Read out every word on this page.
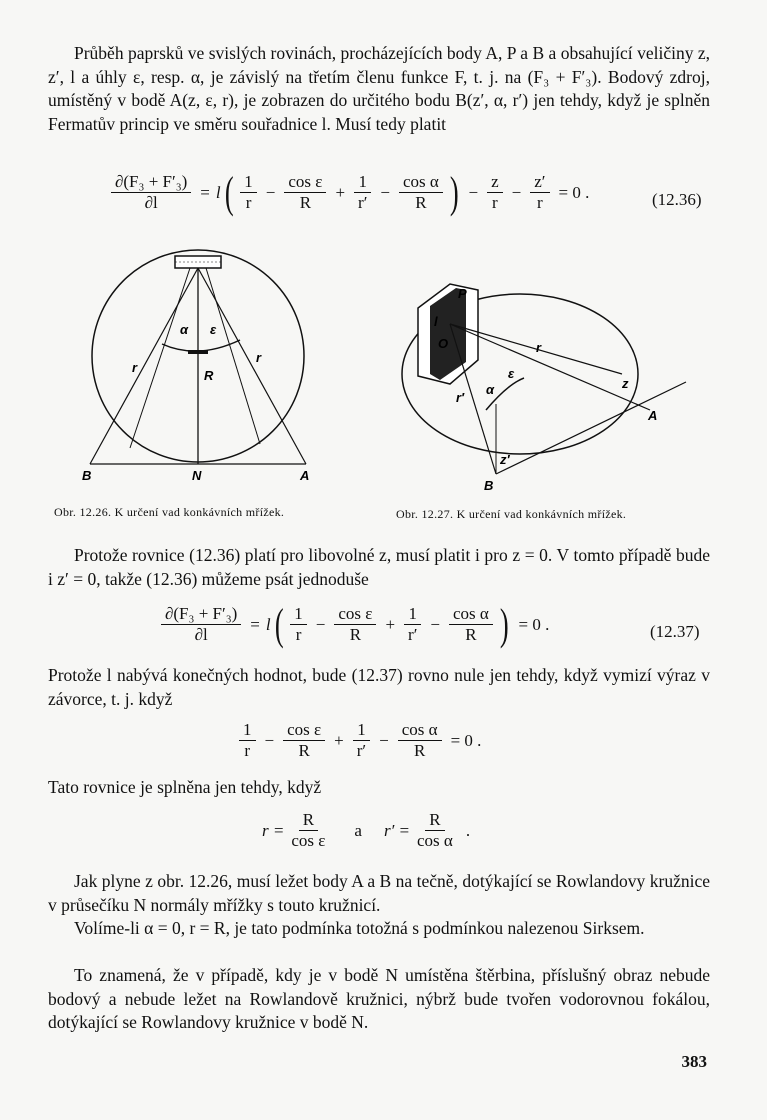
Průběh paprsků ve svislých rovinách, procházejících body A, P a B a obsahující veličiny z, z′, l a úhly ε, resp. α, je závislý na třetím členu funkce F, t. j. na (F₃ + F′₃). Bodový zdroj, umístěný v bodě A(z, ε, r), je zobrazen do určitého bodu B(z′, α, r′) jen tehdy, když je splněn Fermatův princip ve směru souřadnice l. Musí tedy platit
$\frac{\text{∂(F₃ + F′₃)}}{\partial l} = l$ ( $\frac{1}{r} - \frac{\text{cos ε}}{R} + \frac{1}{r'} - \frac{\text{cos α}}{R}$ ) − $\frac{z}{r} - \frac{z'}{r} = 0$ .	(12.36)
α ε
r
r
R
B	N	A
Obr. 12.26. K určení vad konkávních mřížek.
P
l
O	r
ε
z
A
r′
α
z′
B
Obr. 12.27. K určení vad konkávních mřížek.
Protože rovnice (12.36) platí pro libovolné z, musí platit i pro z = 0. V tomto případě bude i z′ = 0, takže (12.36) můžeme psát jednoduše
$\frac{\text{∂(F₃ + F′₃)}}{\partial l} = l$ ( $\frac{1}{r} - \frac{\text{cos ε}}{R} + \frac{1}{r'} - \frac{\text{cos α}}{R}$ ) = 0 .	(12.37)
Protože l nabývá konečných hodnot, bude (12.37) rovno nule jen tehdy, když vymizí výraz v závorce, t. j. když
$\frac{1}{r} - \frac{\text{cos ε}}{R} + \frac{1}{r'} - \frac{\text{cos α}}{R} = 0$ .
Tato rovnice je splněna jen tehdy, když
$r = \frac{R}{\text{cos ε}}$ a $r' = \frac{R}{\text{cos α}}$ .
Jak plyne z obr. 12.26, musí ležet body A a B na tečně, dotýkající se Rowlandovy kružnice v průsečíku N normály mřížky s touto kružnicí.
Volíme-li α = 0, r = R, je tato podmínka totožná s podmínkou nalezenou Sirksem.
To znamená, že v případě, kdy je v bodě N umístěna štěrbina, příslušný obraz nebude bodový a nebude ležet na Rowlandově kružnici, nýbrž bude tvořen vodorovnou fokálou, dotýkající se Rowlandovy kružnice v bodě N.
383
